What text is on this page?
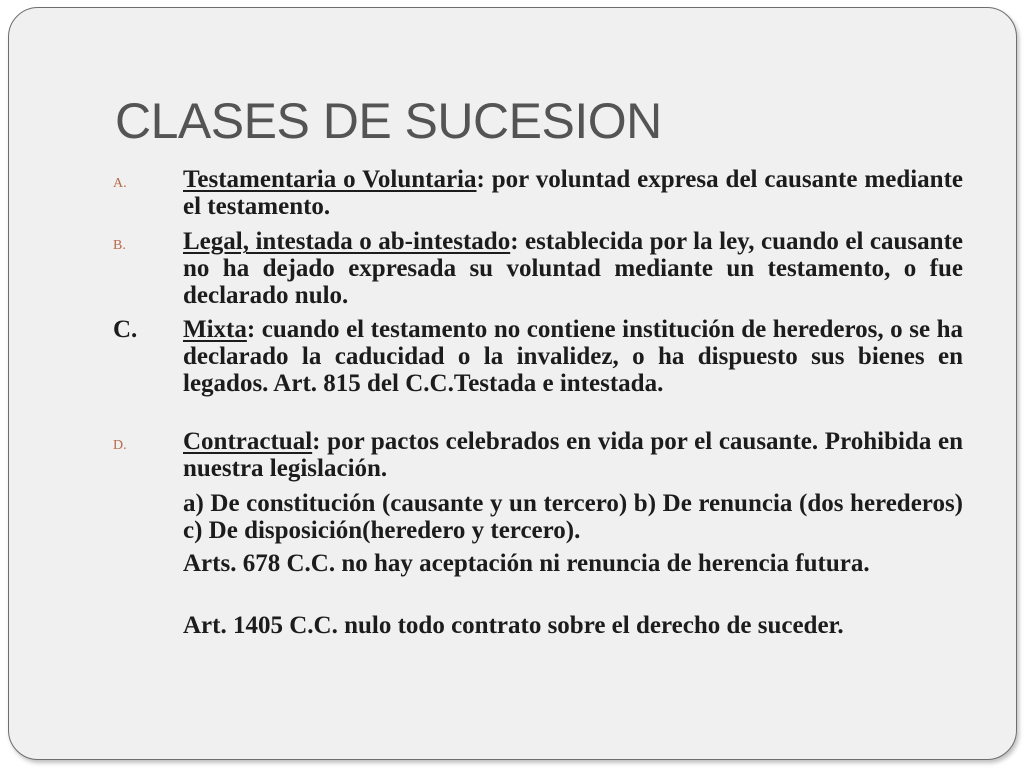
CLASES DE SUCESION
A. Testamentaria o Voluntaria: por voluntad expresa del causante mediante el testamento.

B. Legal, intestada o ab-intestado: establecida por la ley, cuando el causante no ha dejado expresada su voluntad mediante un testamento, o fue declarado nulo.

C. Mixta: cuando el testamento no contiene institución de herederos, o se ha declarado la caducidad o la invalidez, o ha dispuesto sus bienes en legados. Art. 815 del C.C.Testada e intestada.

D. Contractual: por pactos celebrados en vida por el causante. Prohibida en nuestra legislación.

a) De constitución (causante y un tercero) b) De renuncia (dos herederos) c) De disposición(heredero y tercero).

Arts. 678 C.C. no hay aceptación ni renuncia de herencia futura.

Art. 1405 C.C. nulo todo contrato sobre el derecho de suceder.
